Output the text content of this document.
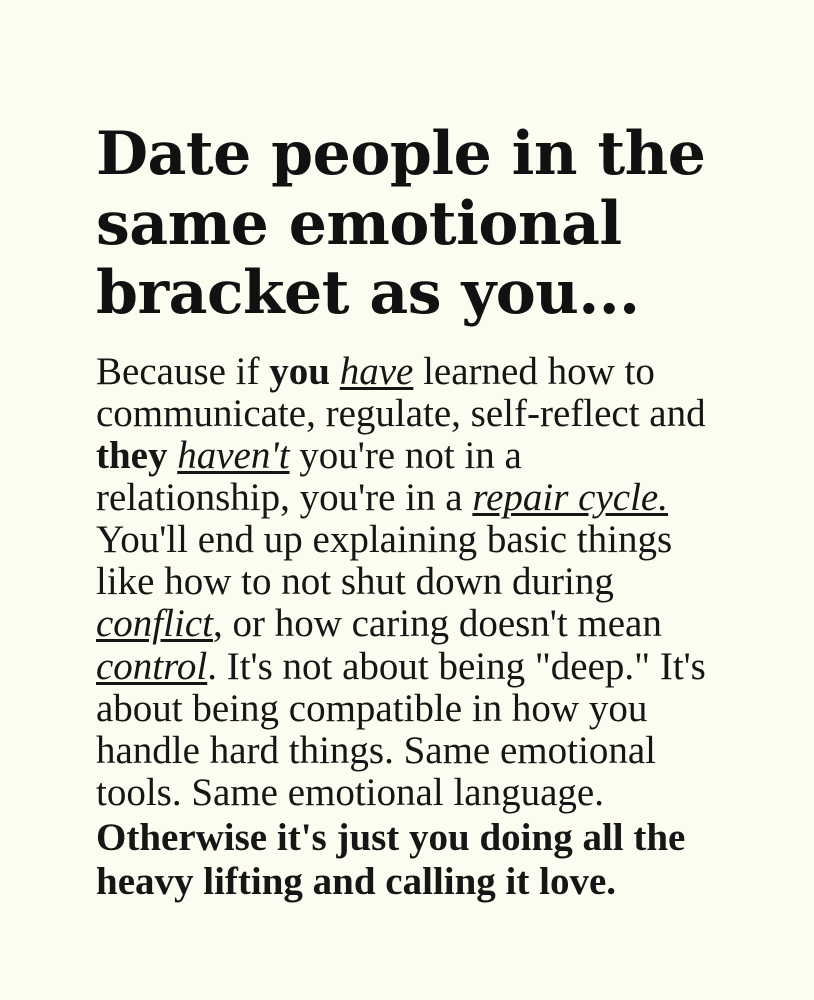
Date people in the
same emotional
bracket as you...

Because if you have learned how to communicate, regulate, self-reflect and they haven't you're not in a relationship, you're in a repair cycle. You'll end up explaining basic things like how to not shut down during conflict, or how caring doesn't mean control. It's not about being "deep." It's about being compatible in how you handle hard things. Same emotional tools. Same emotional language.
Otherwise it's just you doing all the heavy lifting and calling it love.
